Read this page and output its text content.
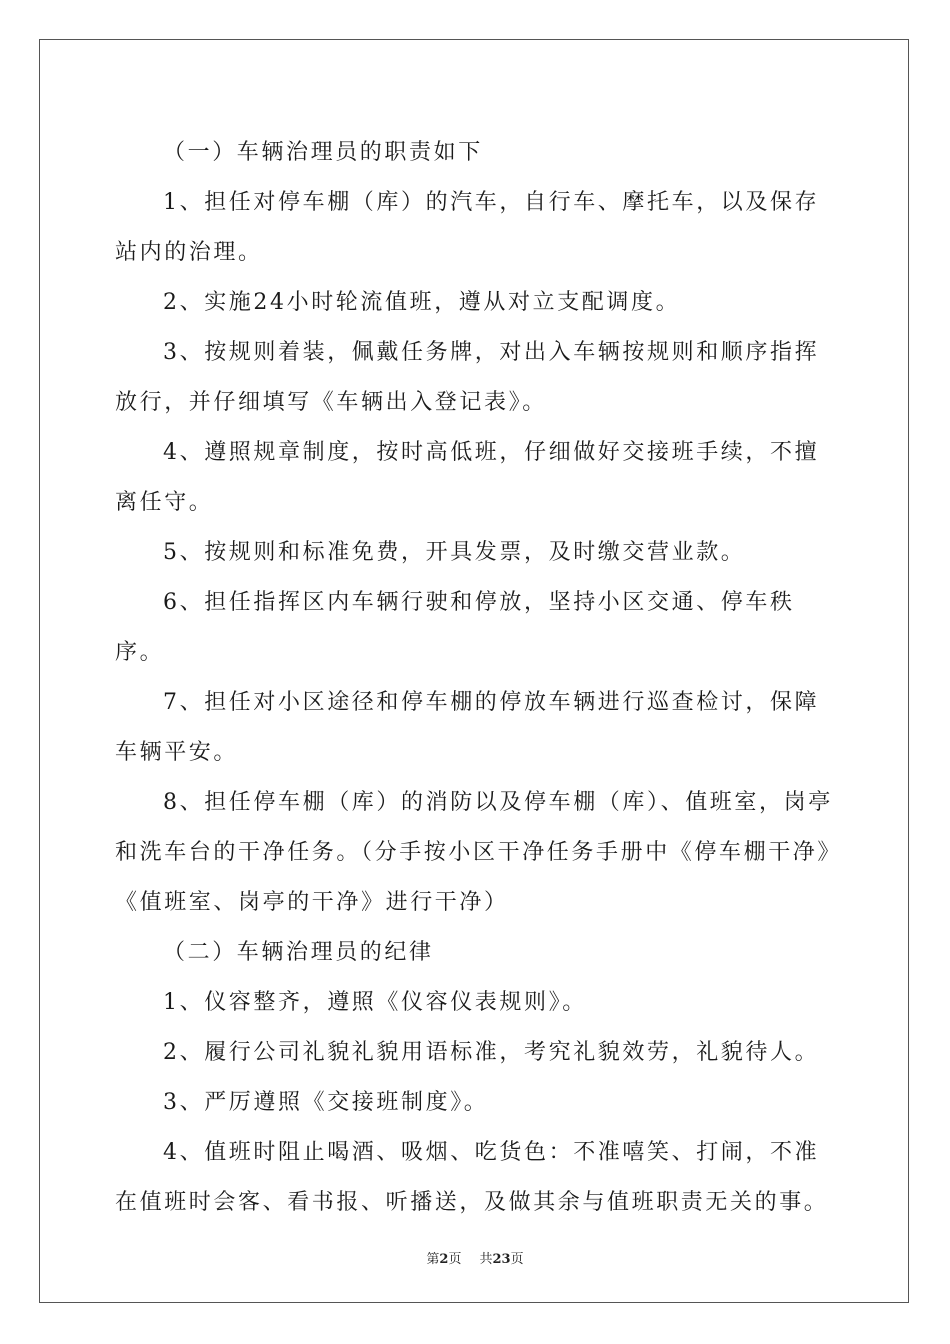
（一）车辆治理员的职责如下

1、担任对停车棚（库）的汽车，自行车、摩托车，以及保存站内的治理。

2、实施24小时轮流值班，遵从对立支配调度。

3、按规则着装，佩戴任务牌，对出入车辆按规则和顺序指挥放行，并仔细填写《车辆出入登记表》。

4、遵照规章制度，按时高低班，仔细做好交接班手续，不擅离任守。

5、按规则和标准免费，开具发票，及时缴交营业款。

6、担任指挥区内车辆行驶和停放，坚持小区交通、停车秩序。

7、担任对小区途径和停车棚的停放车辆进行巡查检讨，保障车辆平安。

8、担任停车棚（库）的消防以及停车棚（库）、值班室，岗亭和洗车台的干净任务。（分手按小区干净任务手册中《停车棚干净》《值班室、岗亭的干净》进行干净）

（二）车辆治理员的纪律

1、仪容整齐，遵照《仪容仪表规则》。

2、履行公司礼貌礼貌用语标准，考究礼貌效劳，礼貌待人。

3、严厉遵照《交接班制度》。

4、值班时阻止喝酒、吸烟、吃货色：不准嘻笑、打闹，不准在值班时会客、看书报、听播送，及做其余与值班职责无关的事。

第2页 共23页
